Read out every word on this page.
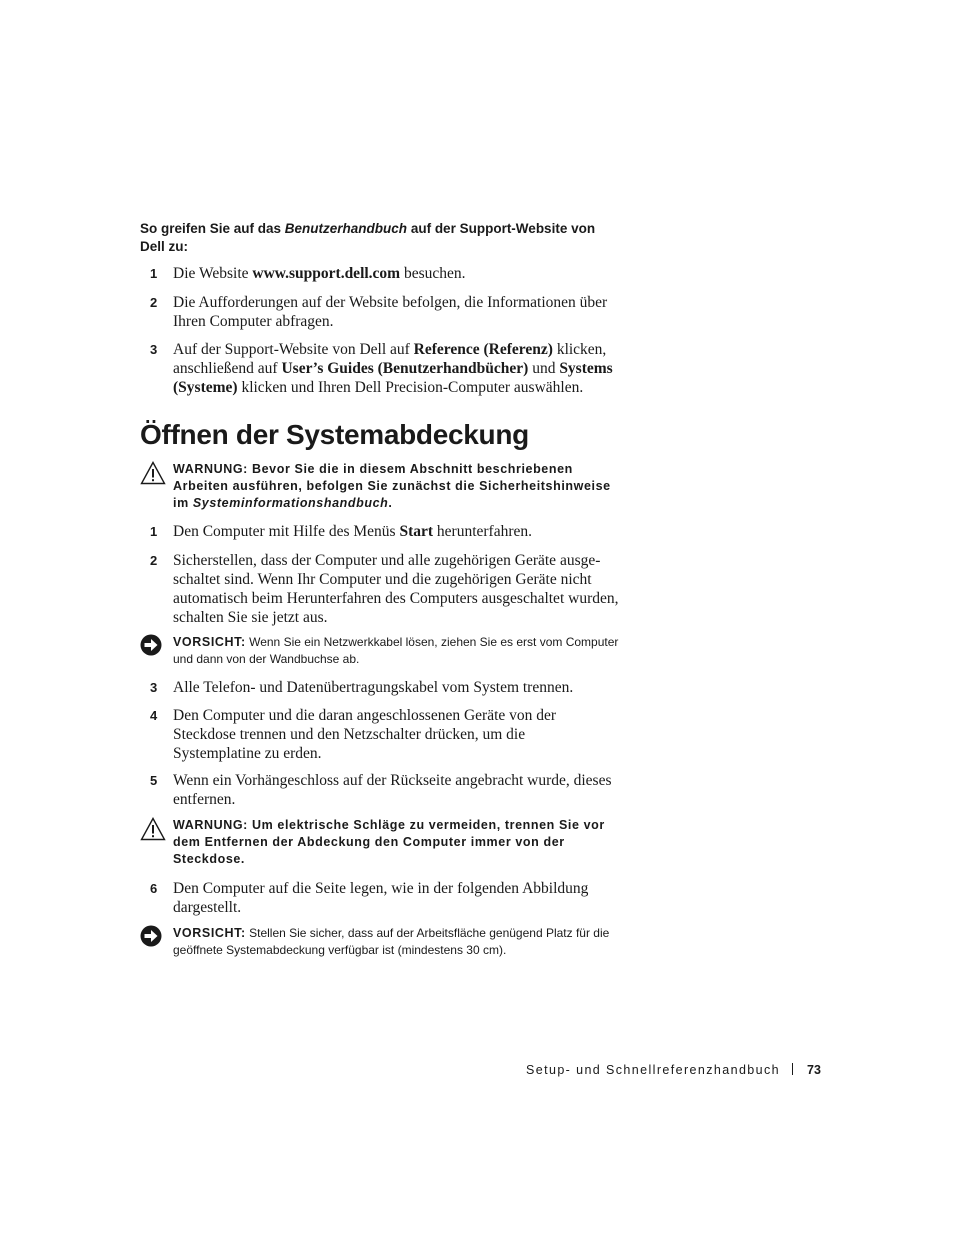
So greifen Sie auf das Benutzerhandbuch auf der Support-Website von Dell zu:
1 Die Website www.support.dell.com besuchen.
2 Die Aufforderungen auf der Website befolgen, die Informationen über Ihren Computer abfragen.
3 Auf der Support-Website von Dell auf Reference (Referenz) klicken, anschließend auf User’s Guides (Benutzerhandbücher) und Systems (Systeme) klicken und Ihren Dell Precision-Computer auswählen.
Öffnen der Systemabdeckung
WARNUNG: Bevor Sie die in diesem Abschnitt beschriebenen Arbeiten ausführen, befolgen Sie zunächst die Sicherheitshinweise im Systeminformationshandbuch.
1 Den Computer mit Hilfe des Menüs Start herunterfahren.
2 Sicherstellen, dass der Computer und alle zugehörigen Geräte ausgeschaltet sind. Wenn Ihr Computer und die zugehörigen Geräte nicht automatisch beim Herunterfahren des Computers ausgeschaltet wurden, schalten Sie sie jetzt aus.
VORSICHT: Wenn Sie ein Netzwerkkabel lösen, ziehen Sie es erst vom Computer und dann von der Wandbuchse ab.
3 Alle Telefon- und Datenübertragungskabel vom System trennen.
4 Den Computer und die daran angeschlossenen Geräte von der Steckdose trennen und den Netzschalter drücken, um die Systemplatine zu erden.
5 Wenn ein Vorhängeschloss auf der Rückseite angebracht wurde, dieses entfernen.
WARNUNG: Um elektrische Schläge zu vermeiden, trennen Sie vor dem Entfernen der Abdeckung den Computer immer von der Steckdose.
6 Den Computer auf die Seite legen, wie in der folgenden Abbildung dargestellt.
VORSICHT: Stellen Sie sicher, dass auf der Arbeitsfläche genügend Platz für die geöffnete Systemabdeckung verfügbar ist (mindestens 30 cm).
Setup- und Schnellreferenzhandbuch 73
